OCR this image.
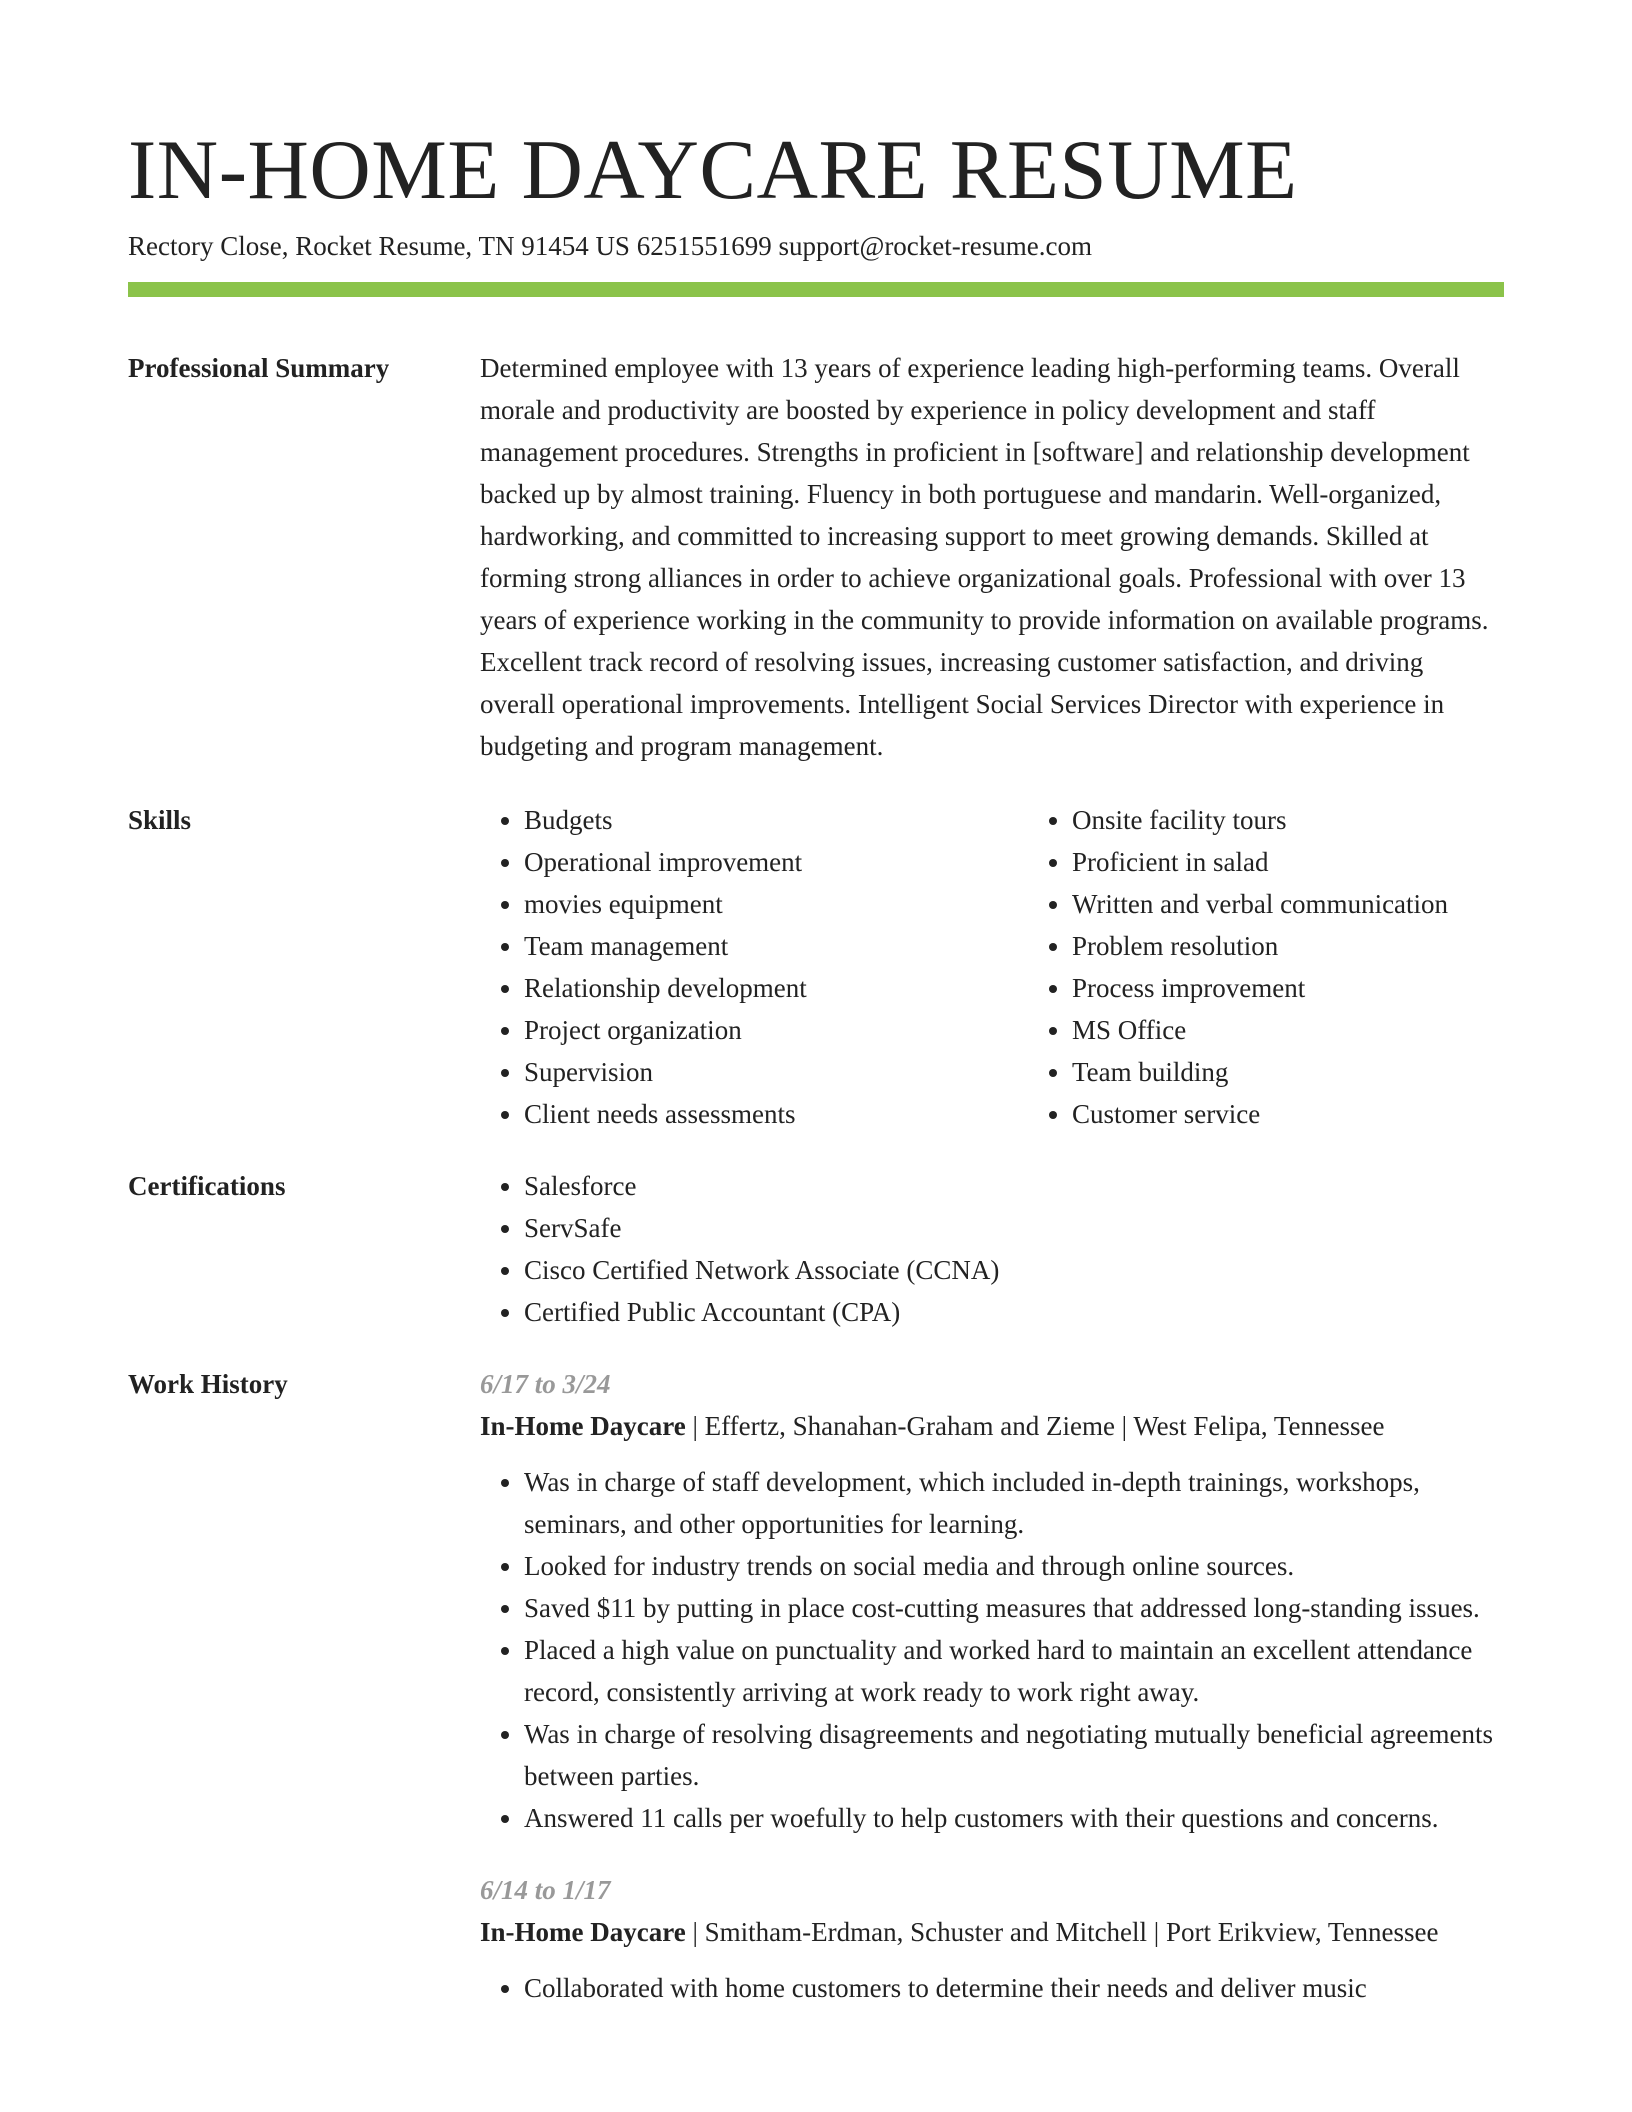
IN-HOME DAYCARE RESUME
Rectory Close, Rocket Resume, TN 91454 US 6251551699 support@rocket-resume.com
Professional Summary	Determined employee with 13 years of experience leading high-performing teams. Overall morale and productivity are boosted by experience in policy development and staff management procedures. Strengths in proficient in [software] and relationship development backed up by almost training. Fluency in both portuguese and mandarin. Well-organized, hardworking, and committed to increasing support to meet growing demands. Skilled at forming strong alliances in order to achieve organizational goals. Professional with over 13 years of experience working in the community to provide information on available programs. Excellent track record of resolving issues, increasing customer satisfaction, and driving overall operational improvements. Intelligent Social Services Director with experience in budgeting and program management.
Skills	• Budgets
• Operational improvement
• movies equipment
• Team management
• Relationship development
• Project organization
• Supervision
• Client needs assessments
• Onsite facility tours
• Proficient in salad
• Written and verbal communication
• Problem resolution
• Process improvement
• MS Office
• Team building
• Customer service
Certifications	• Salesforce
• ServSafe
• Cisco Certified Network Associate (CCNA)
• Certified Public Accountant (CPA)
Work History	6/17 to 3/24
In-Home Daycare | Effertz, Shanahan-Graham and Zieme | West Felipa, Tennessee
• Was in charge of staff development, which included in-depth trainings, workshops, seminars, and other opportunities for learning.
• Looked for industry trends on social media and through online sources.
• Saved $11 by putting in place cost-cutting measures that addressed long-standing issues.
• Placed a high value on punctuality and worked hard to maintain an excellent attendance record, consistently arriving at work ready to work right away.
• Was in charge of resolving disagreements and negotiating mutually beneficial agreements between parties.
• Answered 11 calls per woefully to help customers with their questions and concerns.
6/14 to 1/17
In-Home Daycare | Smitham-Erdman, Schuster and Mitchell | Port Erikview, Tennessee
• Collaborated with home customers to determine their needs and deliver music
